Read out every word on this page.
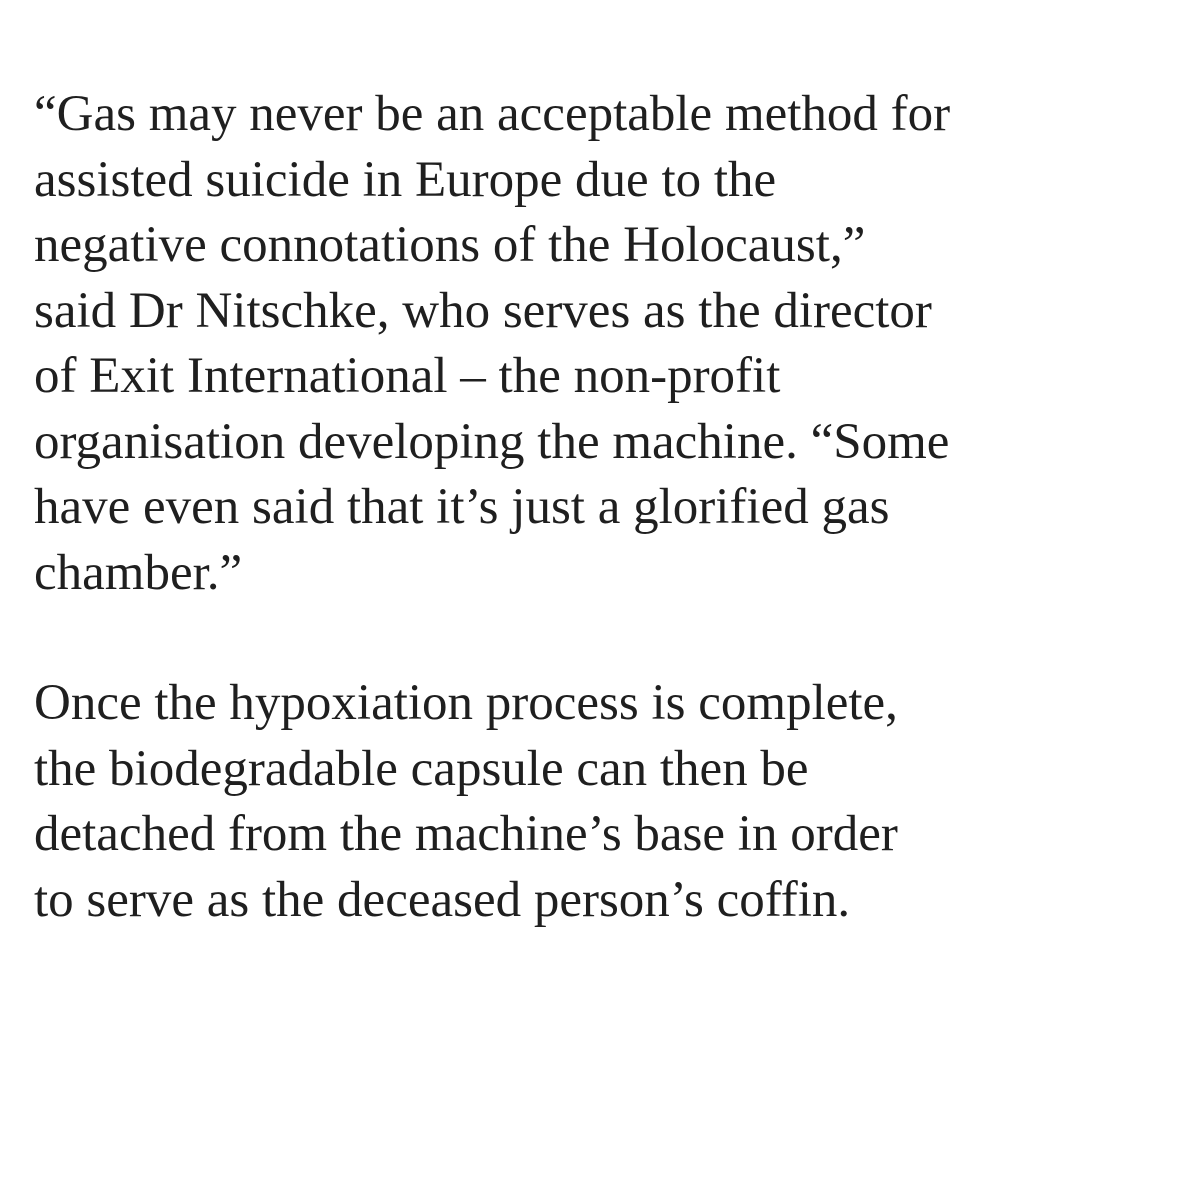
“Gas may never be an acceptable method for
assisted suicide in Europe due to the
negative connotations of the Holocaust,”
said Dr Nitschke, who serves as the director
of Exit International – the non-profit
organisation developing the machine. “Some
have even said that it’s just a glorified gas
chamber.”

Once the hypoxiation process is complete,
the biodegradable capsule can then be
detached from the machine’s base in order
to serve as the deceased person’s coffin.
